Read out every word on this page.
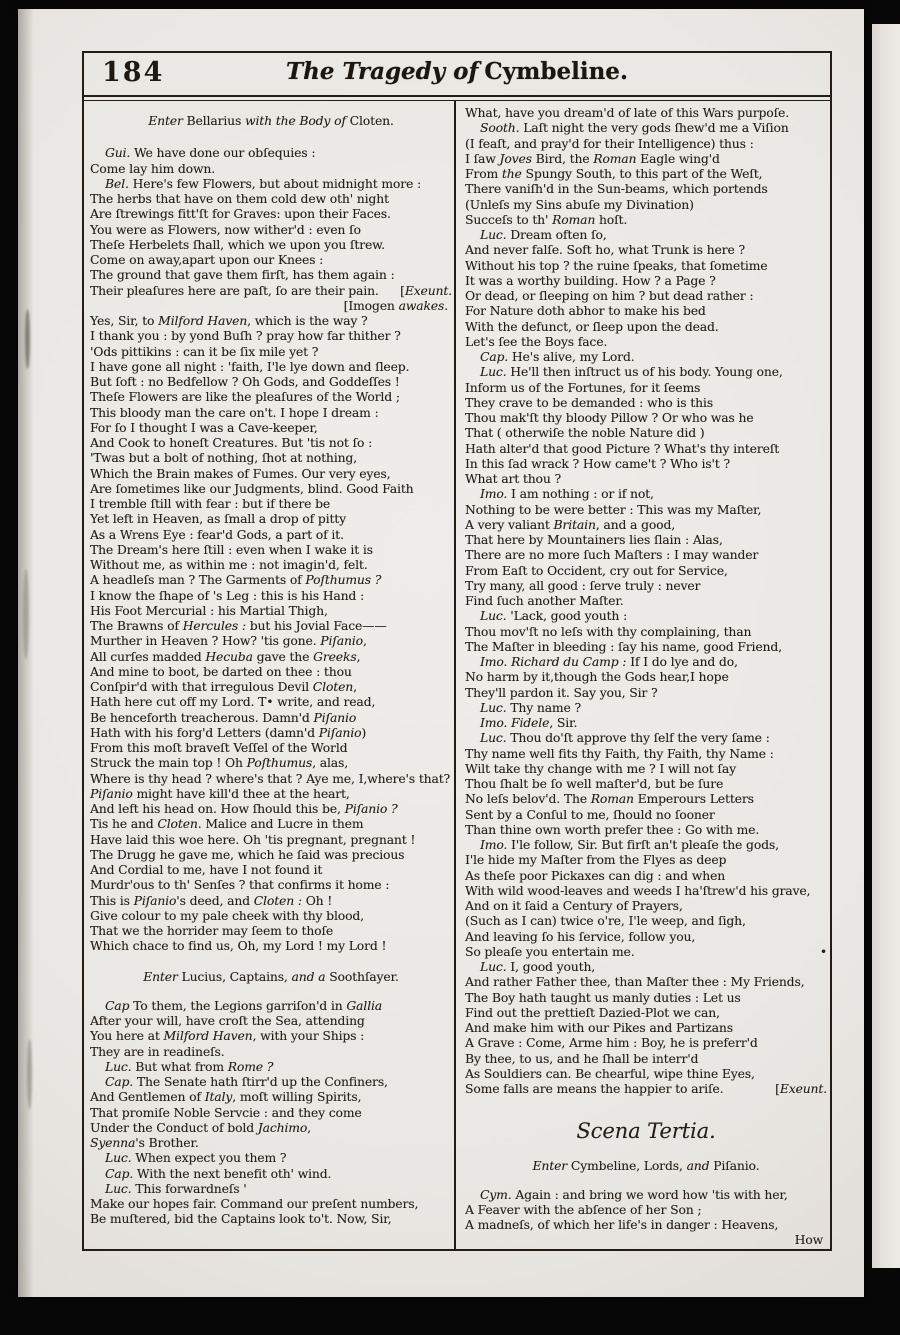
184	The Tragedy of Cymbeline.
Enter Bellarius with the Body of Cloten.
Gui. We have done our obſequies :
Come lay him down.
Bel. Here's few Flowers, but about midnight more :
The herbs that have on them cold dew oth' night
Are ſtrewings fitt'ſt for Graves: upon their Faces.
You were as Flowers, now wither'd : even ſo
Theſe Herbelets ſhall, which we upon you ſtrew.
Come on away,apart upon our Knees :
The ground that gave them firſt, has them again :
Their pleaſures here are paſt, ſo are their pain. [Exeunt.
[Imogen awakes.
Yes, Sir, to Milford Haven, which is the way ?
I thank you : by yond Buſh ? pray how far thither ?
'Ods pittikins : can it be ſix mile yet ?
I have gone all night : 'faith, I'le lye down and ſleep.
But ſoft : no Bedfellow ? Oh Gods, and Goddeſſes !
Theſe Flowers are like the pleaſures of the World ;
This bloody man the care on't. I hope I dream :
For ſo I thought I was a Cave-keeper,
And Cook to honeſt Creatures. But 'tis not ſo :
'Twas but a bolt of nothing, ſhot at nothing,
Which the Brain makes of Fumes. Our very eyes,
Are ſometimes like our Judgments, blind. Good Faith
I tremble ſtill with fear : but if there be
Yet left in Heaven, as ſmall a drop of pitty
As a Wrens Eye : fear'd Gods, a part of it.
The Dream's here ſtill : even when I wake it is
Without me, as within me : not imagin'd, felt.
A headleſs man ? The Garments of Poſthumus ?
I know the ſhape of 's Leg : this is his Hand :
His Foot Mercurial : his Martial Thigh,
The Brawns of Hercules : but his Jovial Face——
Murther in Heaven ? How? 'tis gone. Piſanio,
All curſes madded Hecuba gave the Greeks,
And mine to boot, be darted on thee : thou
Conſpir'd with that irregulous Devil Cloten,
Hath here cut off my Lord. T• write, and read,
Be henceforth treacherous. Damn'd Piſanio
Hath with his forg'd Letters (damn'd Piſanio)
From this moſt braveſt Veſſel of the World
Struck the main top ! Oh Poſthumus, alas,
Where is thy head ? where's that ? Aye me, I,where's that?
Piſanio might have kill'd thee at the heart,
And left his head on. How ſhould this be, Piſanio ?
Tis he and Cloten. Malice and Lucre in them
Have laid this woe here. Oh 'tis pregnant, pregnant !
The Drugg he gave me, which he ſaid was precious
And Cordial to me, have I not found it
Murdr'ous to th' Senſes ? that confirms it home :
This is Piſanio's deed, and Cloten : Oh !
Give colour to my pale cheek with thy blood,
That we the horrider may ſeem to thoſe
Which chace to find us, Oh, my Lord ! my Lord !
Enter Lucius, Captains, and a Soothſayer.
Cap To them, the Legions garriſon'd in Gallia
After your will, have croſt the Sea, attending
You here at Milford Haven, with your Ships :
They are in readineſs.
Luc. But what from Rome ?
Cap. The Senate hath ſtirr'd up the Confiners,
And Gentlemen of Italy, moſt willing Spirits,
That promiſe Noble Servcie : and they come
Under the Conduct of bold Jachimo,
Syenna's Brother.
Luc. When expect you them ?
Cap. With the next benefit oth' wind.
Luc. This forwardneſs '
Make our hopes fair. Command our preſent numbers,
Be muſtered, bid the Captains look to't. Now, Sir,
What, have you dream'd of late of this Wars purpoſe.
Sooth. Laſt night the very gods ſhew'd me a Viſion
(I feaſt, and pray'd for their Intelligence) thus :
I ſaw Joves Bird, the Roman Eagle wing'd
From the Spungy South, to this part of the Weſt,
There vaniſh'd in the Sun-beams, which portends
(Unleſs my Sins abuſe my Divination)
Succeſs to th' Roman hoſt.
Luc. Dream often ſo,
And never falſe. Soft ho, what Trunk is here ?
Without his top ? the ruine ſpeaks, that ſometime
It was a worthy building. How ? a Page ?
Or dead, or ſleeping on him ? but dead rather :
For Nature doth abhor to make his bed
With the defunct, or ſleep upon the dead.
Let's ſee the Boys face.
Cap. He's alive, my Lord.
Luc. He'll then inſtruct us of his body. Young one,
Inform us of the Fortunes, for it ſeems
They crave to be demanded : who is this
Thou mak'ſt thy bloody Pillow ? Or who was he
That ( otherwiſe the noble Nature did )
Hath alter'd that good Picture ? What's thy intereſt
In this ſad wrack ? How came't ? Who is't ?
What art thou ?
Imo. I am nothing : or if not,
Nothing to be were better : This was my Maſter,
A very valiant Britain, and a good,
That here by Mountainers lies ſlain : Alas,
There are no more ſuch Maſters : I may wander
From Eaſt to Occident, cry out for Service,
Try many, all good : ſerve truly : never
Find ſuch another Maſter.
Luc. 'Lack, good youth :
Thou mov'ſt no leſs with thy complaining, than
The Maſter in bleeding : ſay his name, good Friend,
Imo. Richard du Camp : If I do lye and do,
No harm by it,though the Gods hear,I hope
They'll pardon it. Say you, Sir ?
Luc. Thy name ?
Imo. Fidele, Sir.
Luc. Thou do'ſt approve thy ſelf the very ſame :
Thy name well fits thy Faith, thy Faith, thy Name :
Wilt take thy change with me ? I will not ſay
Thou ſhalt be ſo well maſter'd, but be ſure
No leſs belov'd. The Roman Emperours Letters
Sent by a Conſul to me, ſhould no ſooner
Than thine own worth prefer thee : Go with me.
Imo. I'le follow, Sir. But firſt an't pleaſe the gods,
I'le hide my Maſter from the Flyes as deep
As theſe poor Pickaxes can dig : and when
With wild wood-leaves and weeds I ha'ſtrew'd his grave,
And on it ſaid a Century of Prayers,
(Such as I can) twice o're, I'le weep, and ſigh,
And leaving ſo his ſervice, follow you,
So pleaſe you entertain me.	•
Luc. I, good youth,
And rather Father thee, than Maſter thee : My Friends,
The Boy hath taught us manly duties : Let us
Find out the prettieſt Dazied-Plot we can,
And make him with our Pikes and Partizans
A Grave : Come, Arme him : Boy, he is preferr'd
By thee, to us, and he ſhall be interr'd
As Souldiers can. Be chearful, wipe thine Eyes,
Some falls are means the happier to ariſe.	[Exeunt.
Scena Tertia.
Enter Cymbeline, Lords, and Piſanio.
Cym. Again : and bring we word how 'tis with her,
A Feaver with the abſence of her Son ;
A madneſs, of which her life's in danger : Heavens,
How
